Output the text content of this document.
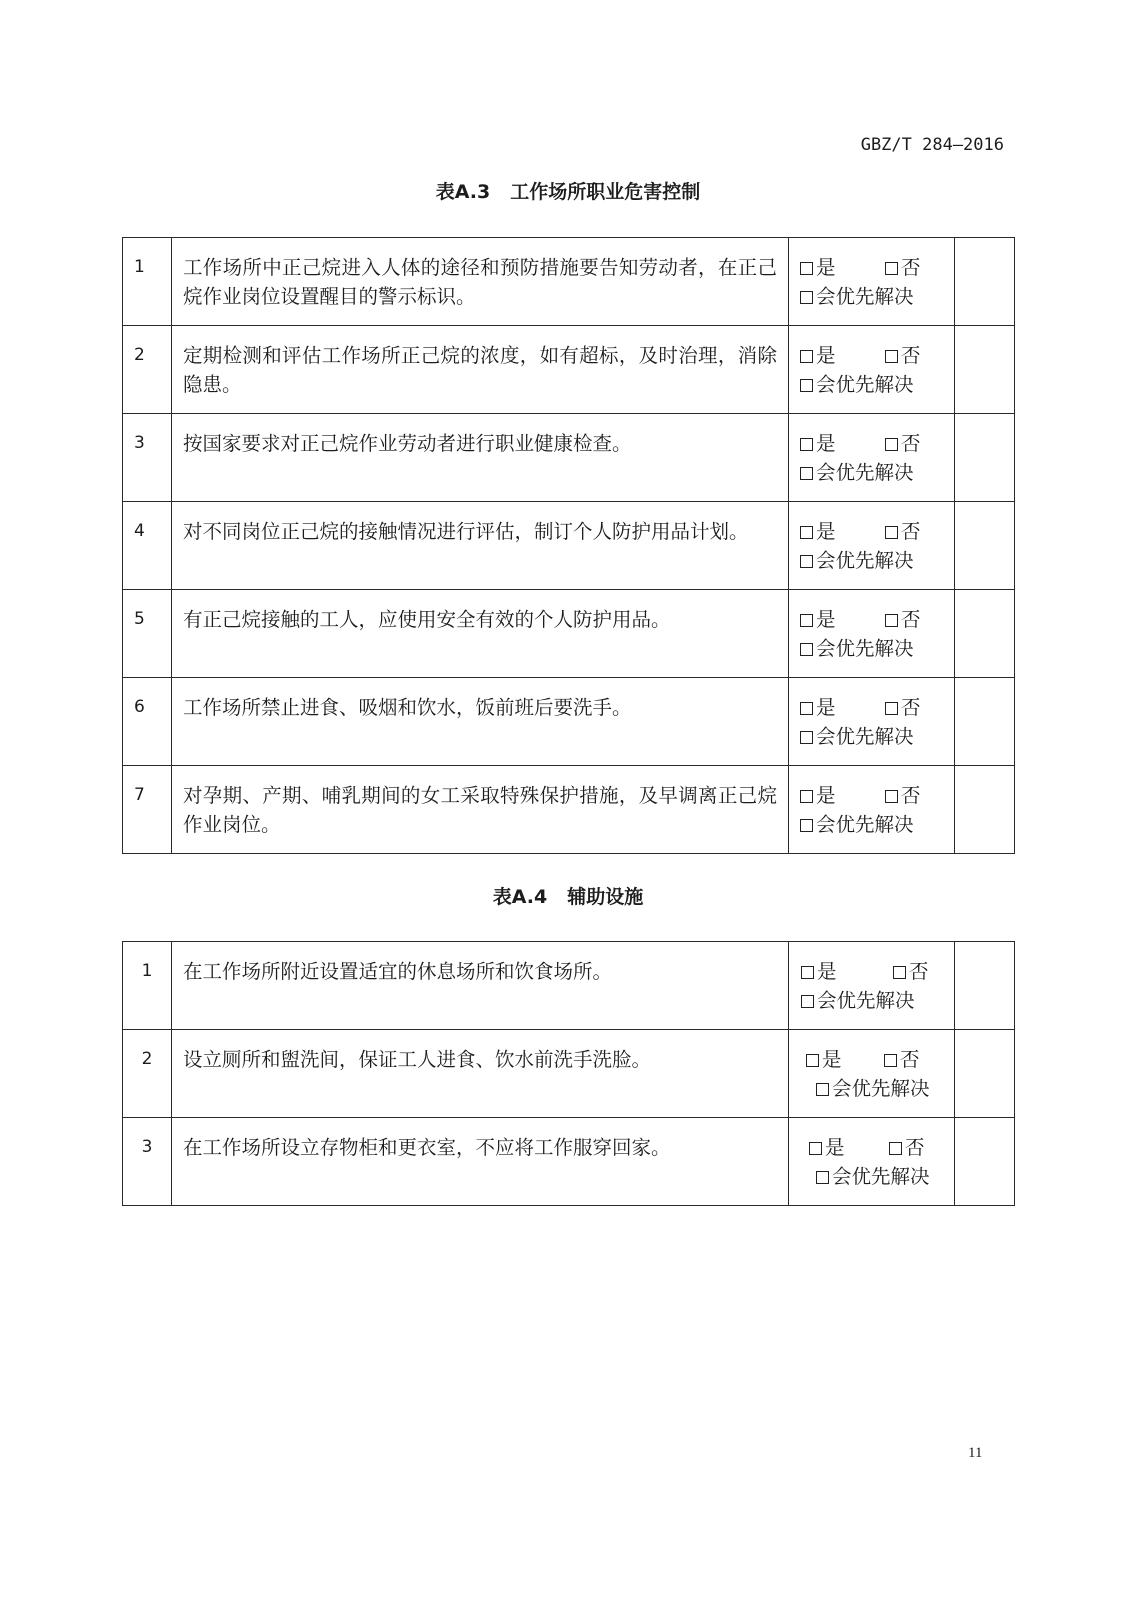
GBZ/T 284—2016
表A.3 工作场所职业危害控制
1	工作场所中正己烷进入人体的途径和预防措施要告知劳动者，在正己烷作业岗位设置醒目的警示标识。	是 否
会优先解决	

2	定期检测和评估工作场所正己烷的浓度，如有超标，及时治理，消除隐患。	是 否
会优先解决	

3	按国家要求对正己烷作业劳动者进行职业健康检查。	是 否
会优先解决	

4	对不同岗位正己烷的接触情况进行评估，制订个人防护用品计划。	是 否
会优先解决	

5	有正己烷接触的工人，应使用安全有效的个人防护用品。	是 否
会优先解决	

6	工作场所禁止进食、吸烟和饮水，饭前班后要洗手。	是 否
会优先解决	

7	对孕期、产期、哺乳期间的女工采取特殊保护措施，及早调离正己烷作业岗位。	是 否
会优先解决	

表A.4 辅助设施
1	在工作场所附近设置适宜的休息场所和饮食场所。	是 否
会优先解决	

2	设立厕所和盥洗间，保证工人进食、饮水前洗手洗脸。	是 否
会优先解决	

3	在工作场所设立存物柜和更衣室，不应将工作服穿回家。	是 否
会优先解决	

11
